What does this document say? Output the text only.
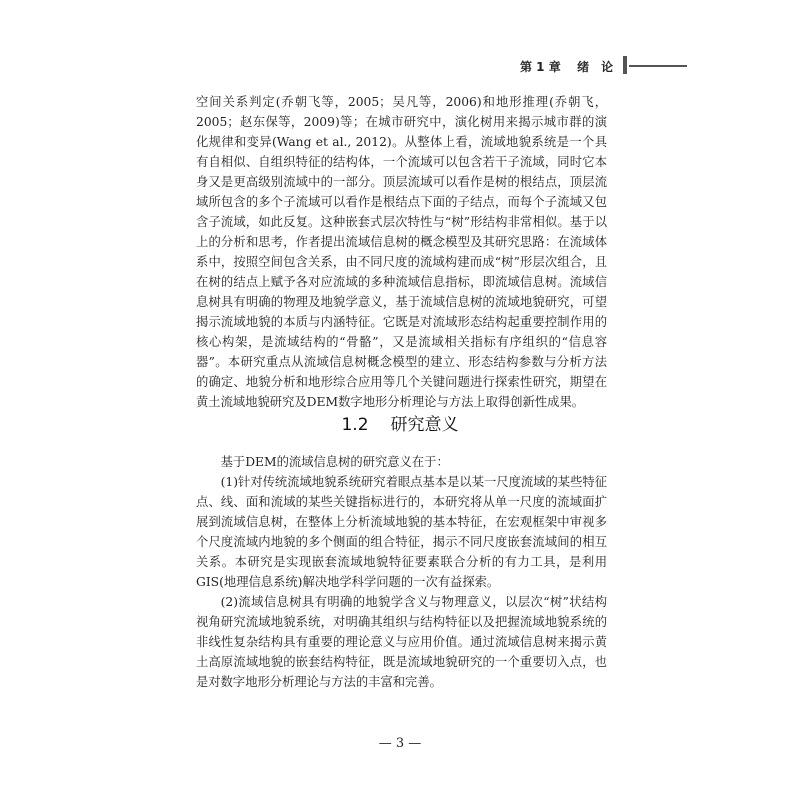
第 1 章 绪　论

空间关系判定(乔朝飞等，2005；吴凡等，2006)和地形推理(乔朝飞，2005；赵东保等，2009)等；在城市研究中，演化树用来揭示城市群的演化规律和变异(Wang et al., 2012)。从整体上看，流域地貌系统是一个具有自相似、自组织特征的结构体，一个流域可以包含若干子流域，同时它本身又是更高级别流域中的一部分。顶层流域可以看作是树的根结点，顶层流域所包含的多个子流域可以看作是根结点下面的子结点，而每个子流域又包含子流域，如此反复。这种嵌套式层次特性与“树”形结构非常相似。基于以上的分析和思考，作者提出流域信息树的概念模型及其研究思路：在流域体系中，按照空间包含关系，由不同尺度的流域构建而成“树”形层次组合，且在树的结点上赋予各对应流域的多种流域信息指标，即流域信息树。流域信息树具有明确的物理及地貌学意义，基于流域信息树的流域地貌研究，可望揭示流域地貌的本质与内涵特征。它既是对流域形态结构起重要控制作用的核心构架，是流域结构的“骨骼”，又是流域相关指标有序组织的“信息容器”。本研究重点从流域信息树概念模型的建立、形态结构参数与分析方法的确定、地貌分析和地形综合应用等几个关键问题进行探索性研究，期望在黄土流域地貌研究及DEM数字地形分析理论与方法上取得创新性成果。

1.2 研究意义

基于DEM的流域信息树的研究意义在于：

(1)针对传统流域地貌系统研究着眼点基本是以某一尺度流域的某些特征点、线、面和流域的某些关键指标进行的，本研究将从单一尺度的流域面扩展到流域信息树，在整体上分析流域地貌的基本特征，在宏观框架中审视多个尺度流域内地貌的多个侧面的组合特征，揭示不同尺度嵌套流域间的相互关系。本研究是实现嵌套流域地貌特征要素联合分析的有力工具，是利用GIS(地理信息系统)解决地学科学问题的一次有益探索。

(2)流域信息树具有明确的地貌学含义与物理意义，以层次“树”状结构视角研究流域地貌系统，对明确其组织与结构特征以及把握流域地貌系统的非线性复杂结构具有重要的理论意义与应用价值。通过流域信息树来揭示黄土高原流域地貌的嵌套结构特征，既是流域地貌研究的一个重要切入点，也是对数字地形分析理论与方法的丰富和完善。

— 3 —
